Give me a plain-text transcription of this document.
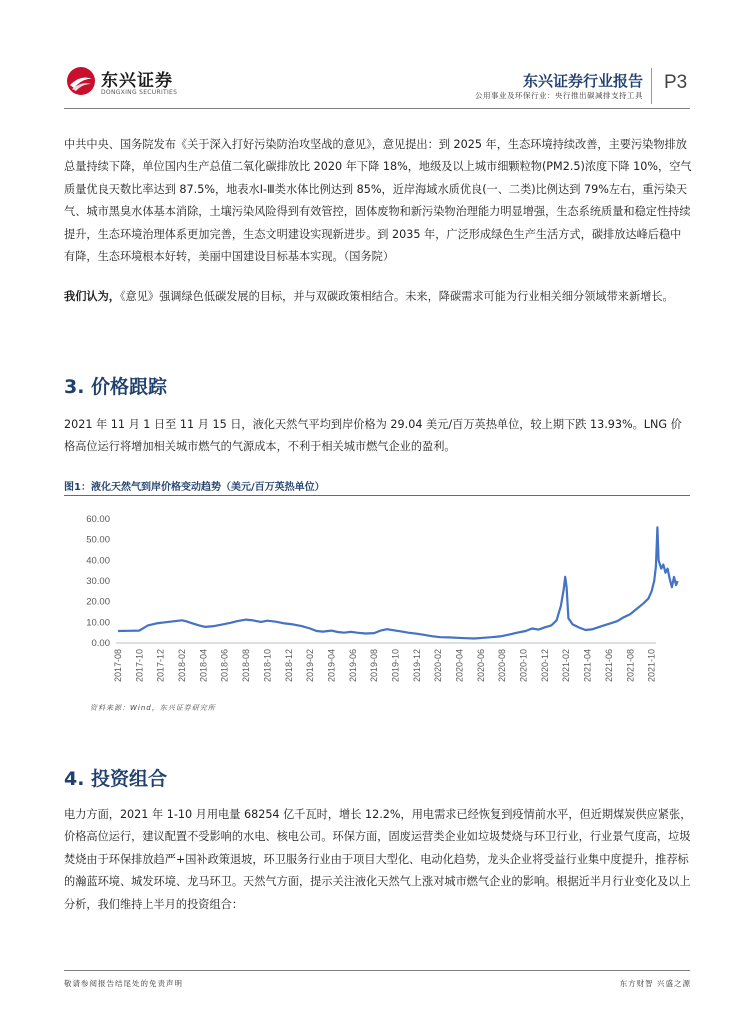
东兴证券
DONGXING SECURITIES
东兴证券行业报告
公用事业及环保行业：央行推出碳减排支持工具
P3

中共中央、国务院发布《关于深入打好污染防治攻坚战的意见》，意见提出：到 2025 年，生态环境持续改善，主要污染物排放总量持续下降，单位国内生产总值二氧化碳排放比 2020 年下降 18%，地级及以上城市细颗粒物(PM2.5)浓度下降 10%，空气质量优良天数比率达到 87.5%，地表水Ⅰ-Ⅲ类水体比例达到 85%，近岸海域水质优良(一、二类)比例达到 79%左右，重污染天气、城市黑臭水体基本消除，土壤污染风险得到有效管控，固体废物和新污染物治理能力明显增强，生态系统质量和稳定性持续提升，生态环境治理体系更加完善，生态文明建设实现新进步。到 2035 年，广泛形成绿色生产生活方式，碳排放达峰后稳中有降，生态环境根本好转，美丽中国建设目标基本实现。（国务院）

我们认为，《意见》强调绿色低碳发展的目标，并与双碳政策相结合。未来，降碳需求可能为行业相关细分领域带来新增长。

3. 价格跟踪

2021 年 11 月 1 日至 11 月 15 日，液化天然气平均到岸价格为 29.04 美元/百万英热单位，较上期下跌 13.93%。LNG 价格高位运行将增加相关城市燃气的气源成本，不利于相关城市燃气企业的盈利。

图1：液化天然气到岸价格变动趋势（美元/百万英热单位）
60.00
50.00
40.00
30.00
20.00
10.00
0.00
2017-08 2017-10 2017-12 2018-02 2018-04 2018-06 2018-08 2018-10 2018-12 2019-02 2019-04 2019-06 2019-08 2019-10 2019-12 2020-02 2020-04 2020-06 2020-08 2020-10 2020-12 2021-02 2021-04 2021-06 2021-08 2021-10
资料来源：Wind，东兴证券研究所
4. 投资组合

电力方面，2021 年 1-10 月用电量 68254 亿千瓦时，增长 12.2%，用电需求已经恢复到疫情前水平，但近期煤炭供应紧张，价格高位运行，建议配置不受影响的水电、核电公司。环保方面，固废运营类企业如垃圾焚烧与环卫行业，行业景气度高，垃圾焚烧由于环保排放趋严+国补政策退坡，环卫服务行业由于项目大型化、电动化趋势，龙头企业将受益行业集中度提升，推荐标的瀚蓝环境、城发环境、龙马环卫。天然气方面，提示关注液化天然气上涨对城市燃气企业的影响。根据近半月行业变化及以上分析，我们维持上半月的投资组合：

敬请参阅报告结尾处的免责声明	东方财智 兴盛之源
